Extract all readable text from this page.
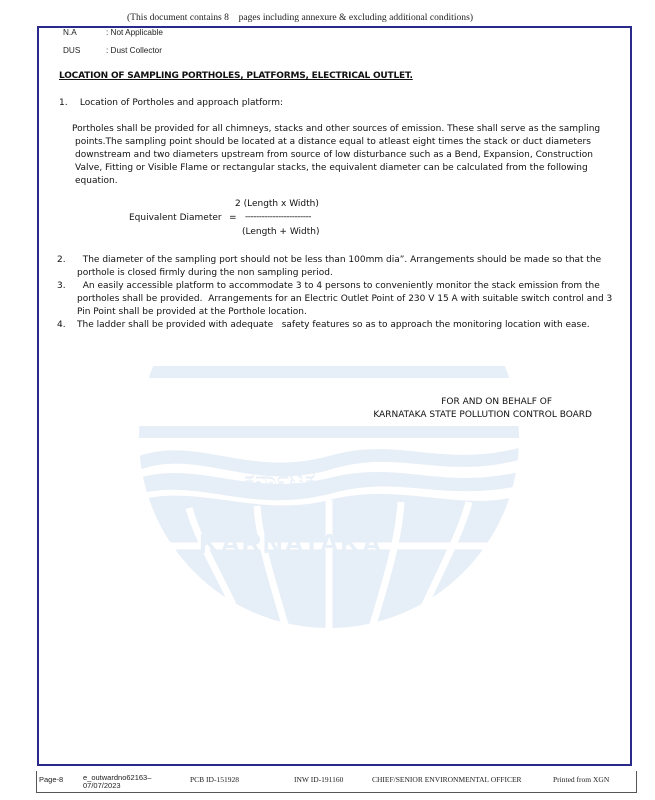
(This document contains 8    pages including annexure & excluding additional conditions)
ಕರ್ನಾಟಕ
KARNATAKA
N.A	: Not Applicable
DUS	: Dust Collector

LOCATION OF SAMPLING PORTHOLES, PLATFORMS, ELECTRICAL OUTLET.

1. Location of Portholes and approach platform:
Portholes shall be provided for all chimneys, stacks and other sources of emission. These shall serve as the sampling points.The sampling point should be located at a distance equal to atleast eight times the stack or duct diameters downstream and two diameters upstream from source of low disturbance such as a Bend, Expansion, Construction Valve, Fitting or Visible Flame or rectangular stacks, the equivalent diameter can be calculated from the following equation.
Equivalent Diameter =
2 (Length x Width)
------------------------
(Length + Width)
2. The diameter of the sampling port should not be less than 100mm dia”. Arrangements should be made so that the porthole is closed firmly during the non sampling period.
3. An easily accessible platform to accommodate 3 to 4 persons to conveniently monitor the stack emission from the portholes shall be provided.  Arrangements for an Electric Outlet Point of 230 V 15 A with suitable switch control and 3 Pin Point shall be provided at the Porthole location.
4. The ladder shall be provided with adequate   safety features so as to approach the monitoring location with ease.
FOR AND ON BEHALF OF
KARNATAKA STATE POLLUTION CONTROL BOARD
Page-8	e_outwardno62163–
07/07/2023
PCB ID-151928	INW ID-191160	CHIEF/SENIOR ENVIRONMENTAL OFFICER	Printed from XGN
